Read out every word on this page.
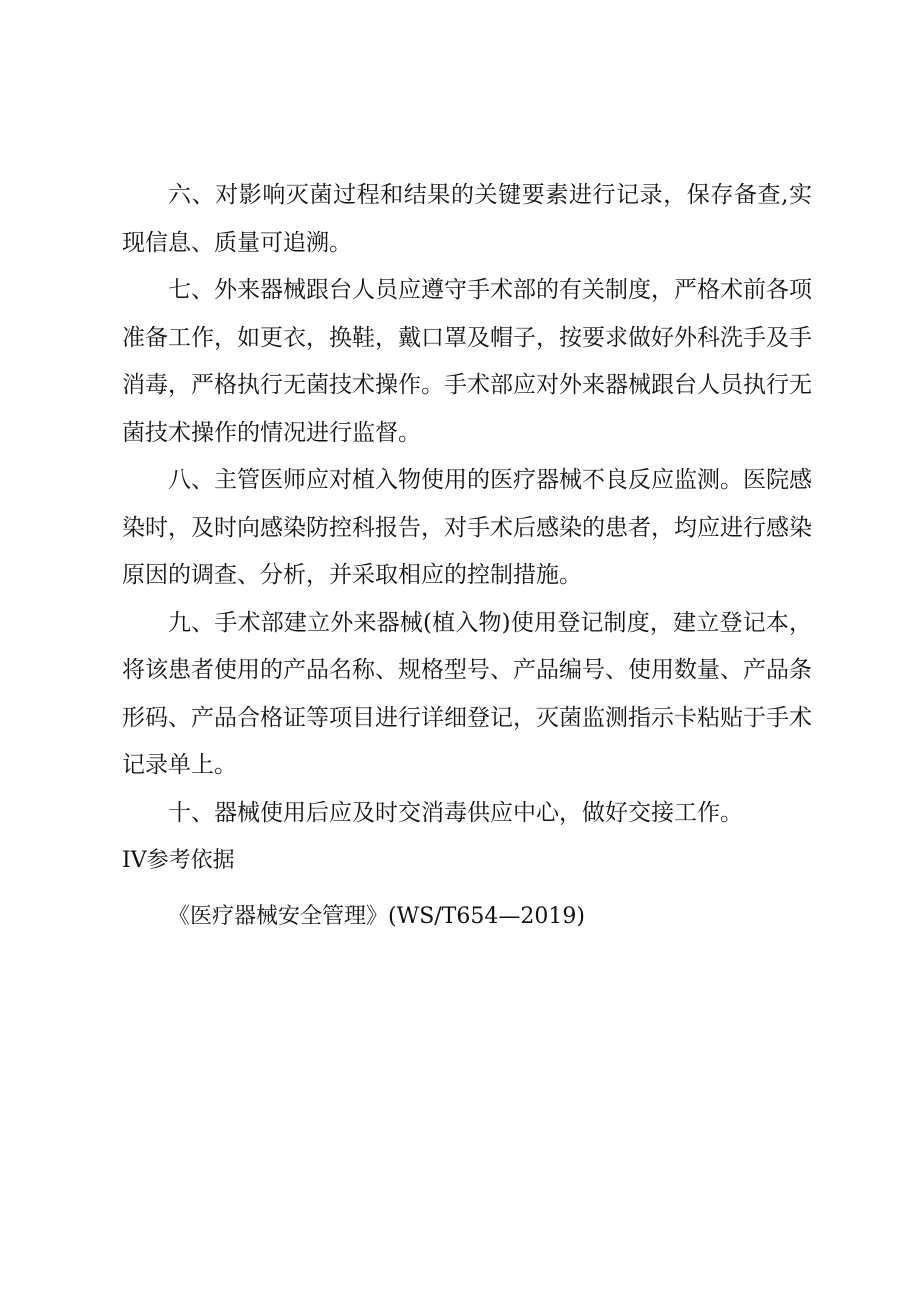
六、对影响灭菌过程和结果的关键要素进行记录，保存备查,实现信息、质量可追溯。

七、外来器械跟台人员应遵守手术部的有关制度，严格术前各项准备工作，如更衣，换鞋，戴口罩及帽子，按要求做好外科洗手及手消毒，严格执行无菌技术操作。手术部应对外来器械跟台人员执行无菌技术操作的情况进行监督。

八、主管医师应对植入物使用的医疗器械不良反应监测。医院感染时，及时向感染防控科报告，对手术后感染的患者，均应进行感染原因的调查、分析，并采取相应的控制措施。

九、手术部建立外来器械(植入物)使用登记制度，建立登记本，将该患者使用的产品名称、规格型号、产品编号、使用数量、产品条形码、产品合格证等项目进行详细登记，灭菌监测指示卡粘贴于手术记录单上。

十、器械使用后应及时交消毒供应中心，做好交接工作。

IV参考依据

《医疗器械安全管理》(WS/T654—2019)
